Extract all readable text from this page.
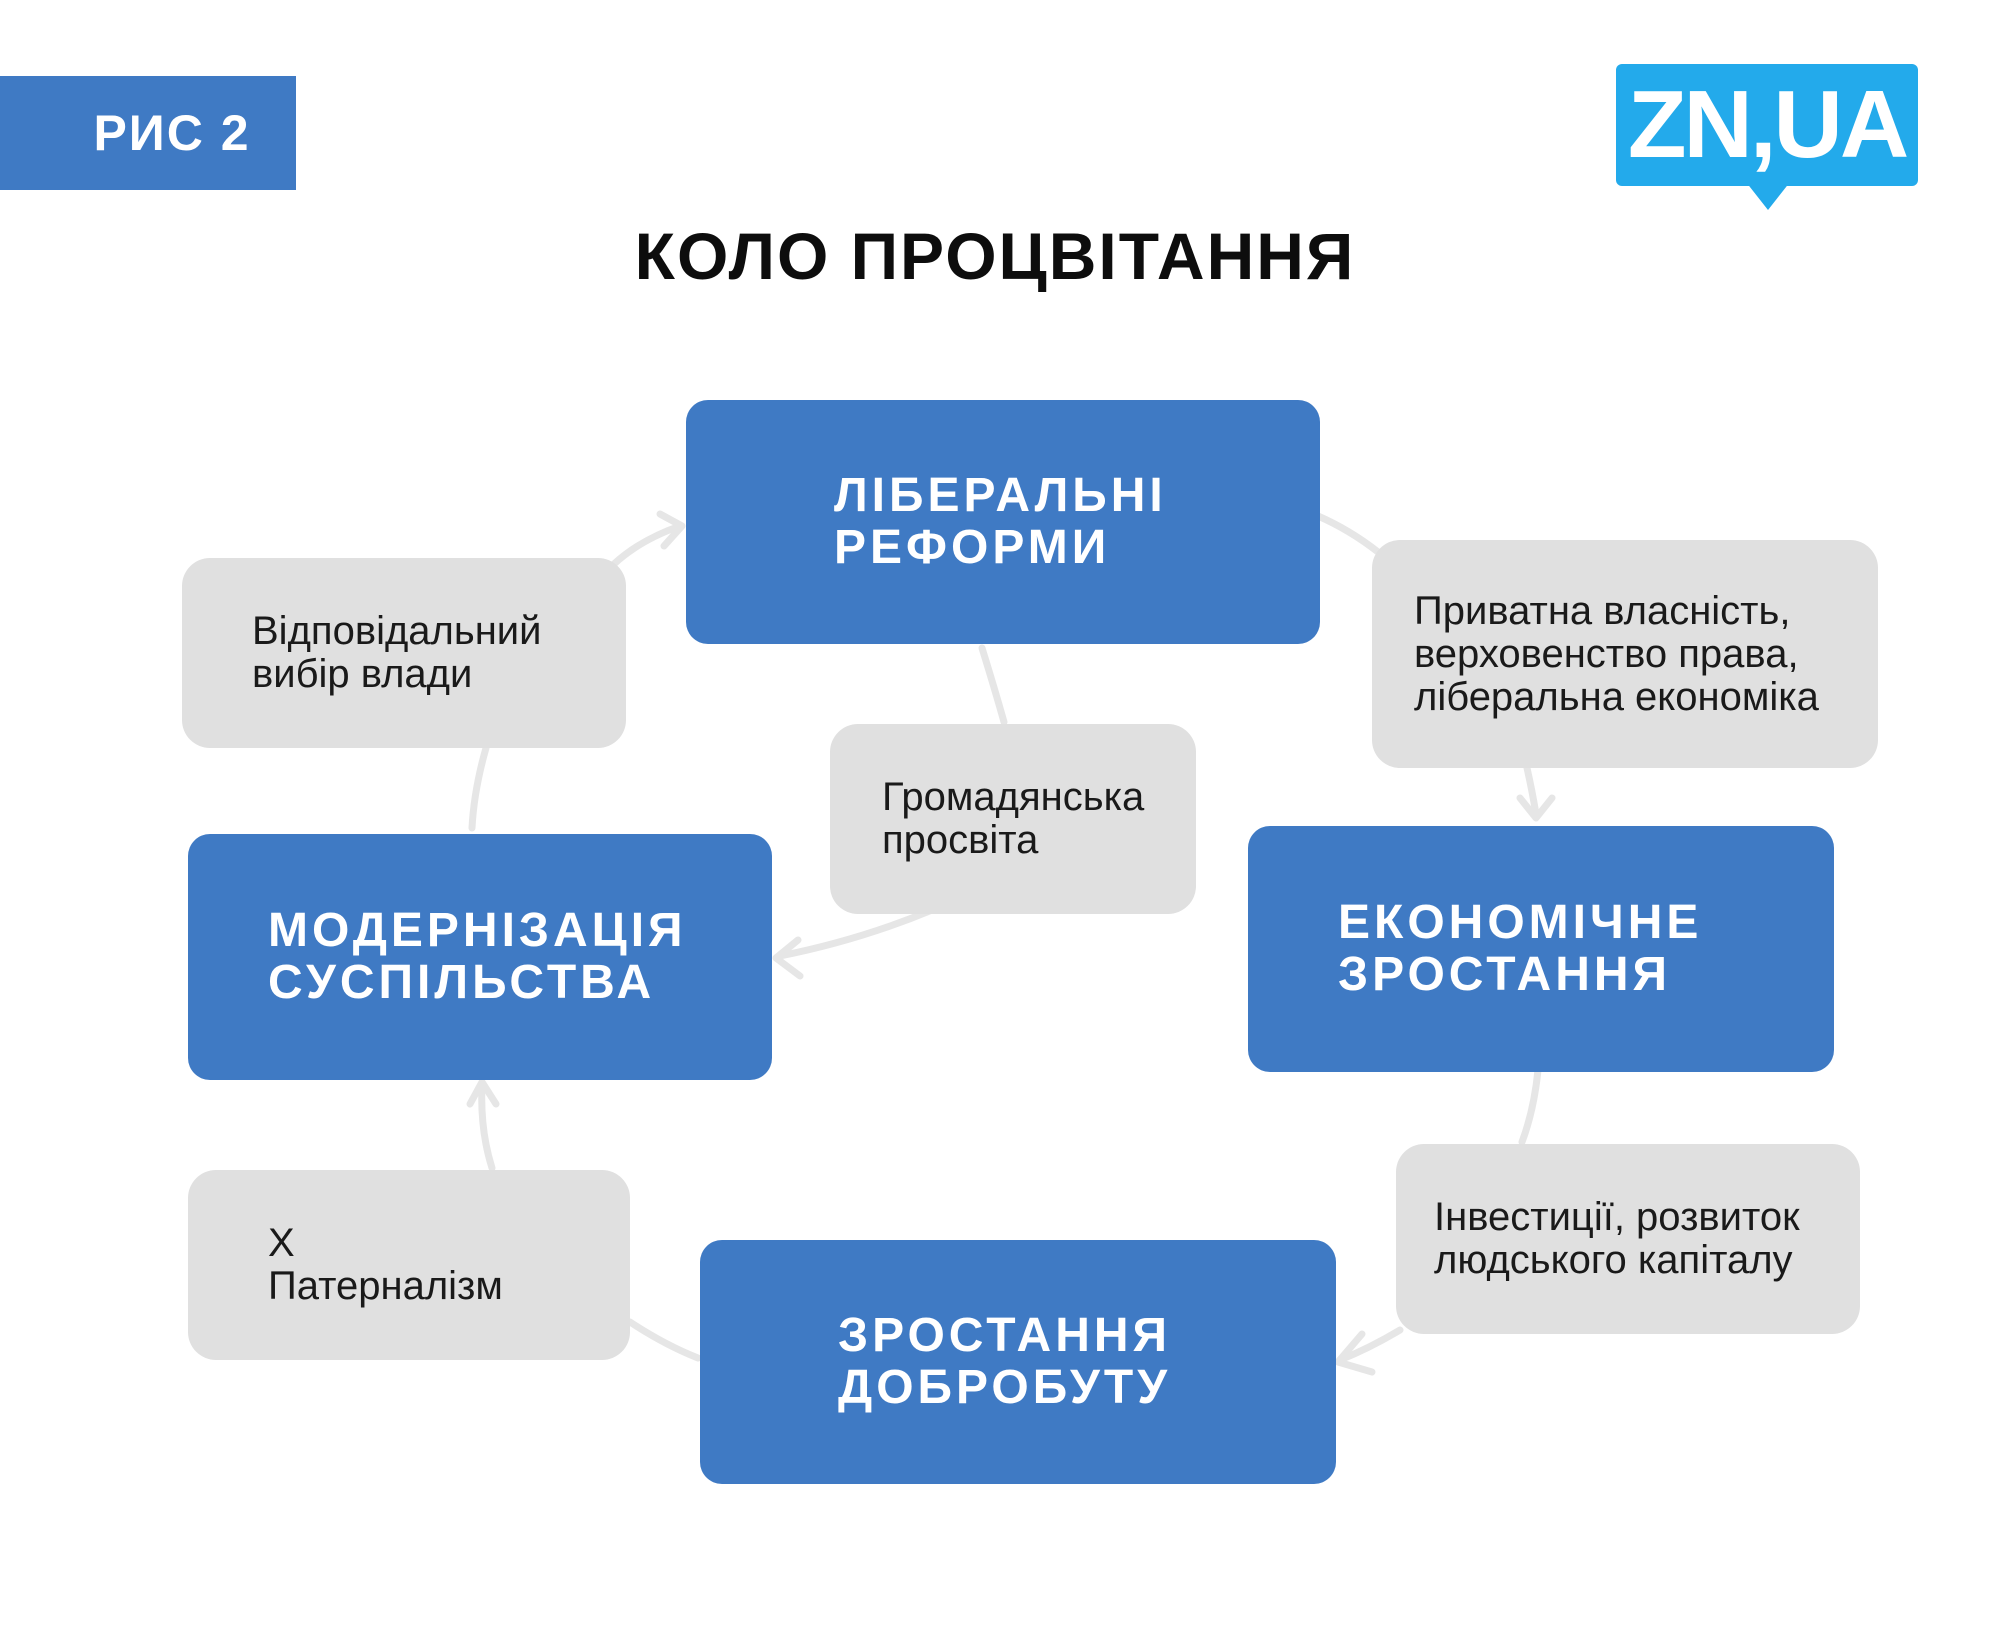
РИС 2	ZN,UA
КОЛО ПРОЦВІТАННЯ
ЛІБЕРАЛЬНІ
РЕФОРМИ
ЕКОНОМІЧНЕ
ЗРОСТАННЯ
ЗРОСТАННЯ
ДОБРОБУТУ
МОДЕРНІЗАЦІЯ
СУСПІЛЬСТВА
Приватна власність,
верховенство права,
ліберальна економіка
Інвестиції, розвиток
людського капіталу
Х
Патерналізм
Відповідальний
вибір влади
Громадянська
просвіта
